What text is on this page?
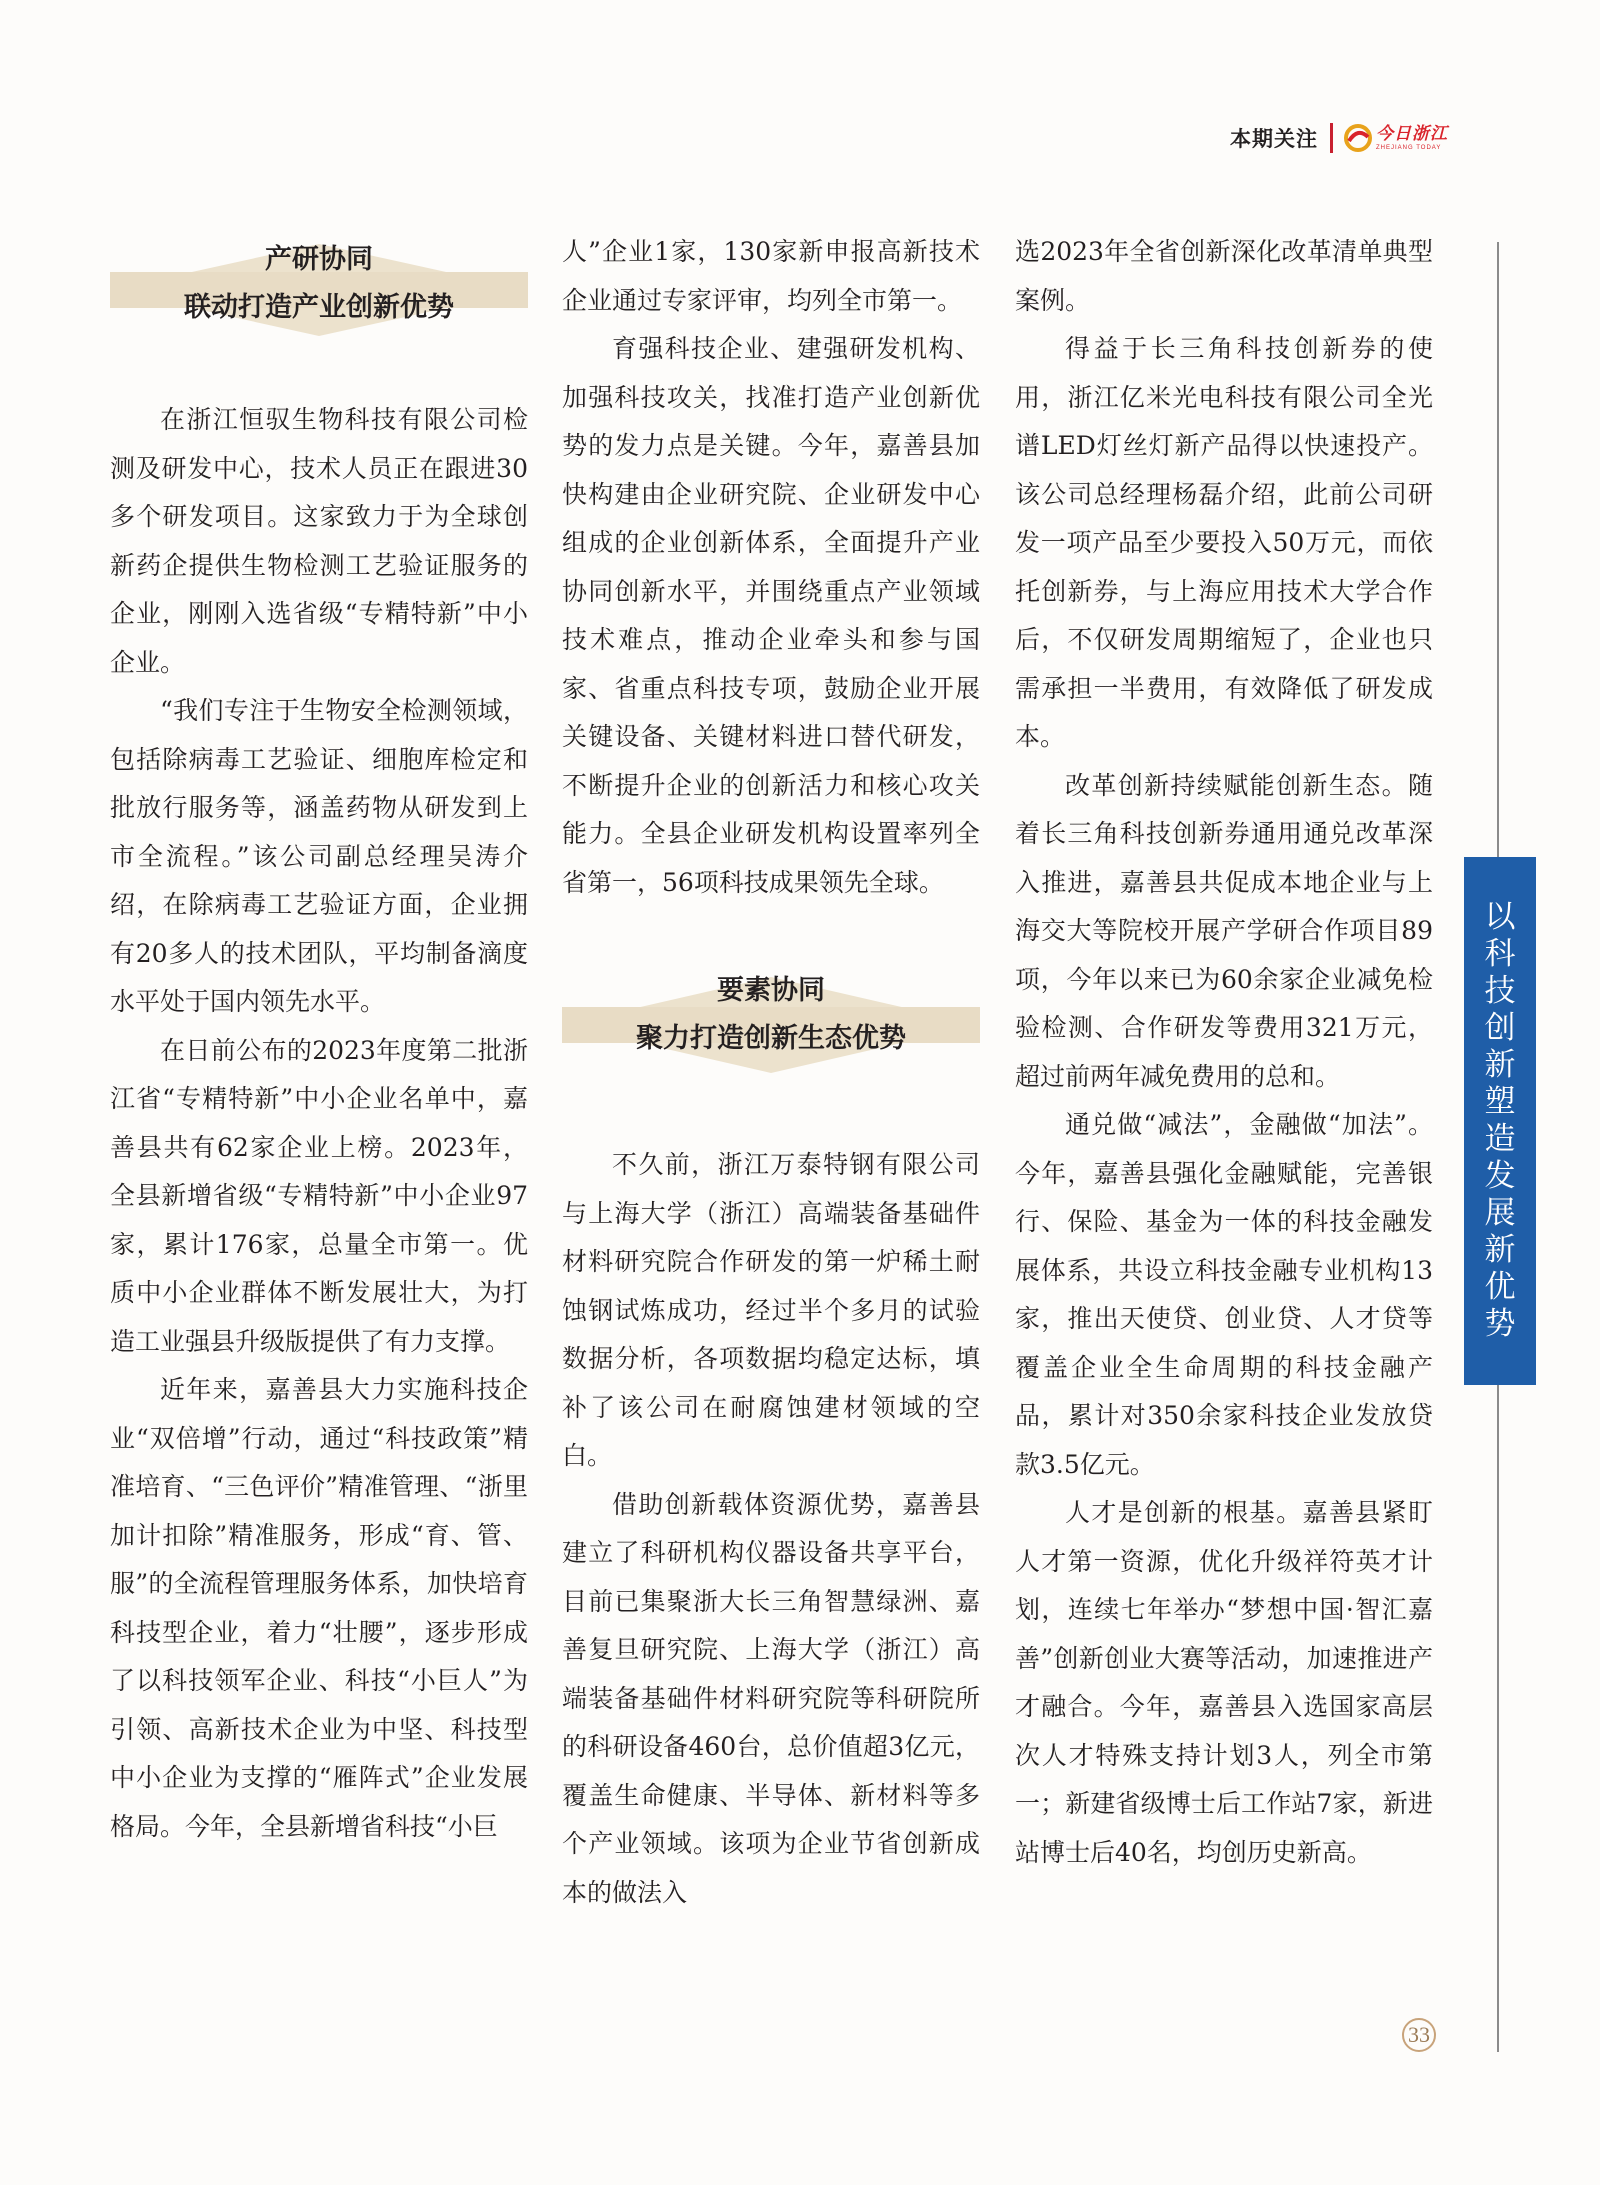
本期关注	今日浙江
ZHEJIANG TODAY
产研协同
联动打造产业创新优势

在浙江恒驭生物科技有限公司检测及研发中心，技术人员正在跟进30多个研发项目。这家致力于为全球创新药企提供生物检测工艺验证服务的企业，刚刚入选省级“专精特新”中小企业。

“我们专注于生物安全检测领域，包括除病毒工艺验证、细胞库检定和批放行服务等，涵盖药物从研发到上市全流程。”该公司副总经理吴涛介绍，在除病毒工艺验证方面，企业拥有20多人的技术团队，平均制备滴度水平处于国内领先水平。

在日前公布的2023年度第二批浙江省“专精特新”中小企业名单中，嘉善县共有62家企业上榜。2023年，全县新增省级“专精特新”中小企业97家，累计176家，总量全市第一。优质中小企业群体不断发展壮大，为打造工业强县升级版提供了有力支撑。

近年来，嘉善县大力实施科技企业“双倍增”行动，通过“科技政策”精准培育、“三色评价”精准管理、“浙里加计扣除”精准服务，形成“育、管、服”的全流程管理服务体系，加快培育科技型企业，着力“壮腰”，逐步形成了以科技领军企业、科技“小巨人”为引领、高新技术企业为中坚、科技型中小企业为支撑的“雁阵式”企业发展格局。今年，全县新增省科技“小巨

人”企业1家，130家新申报高新技术企业通过专家评审，均列全市第一。

育强科技企业、建强研发机构、加强科技攻关，找准打造产业创新优势的发力点是关键。今年，嘉善县加快构建由企业研究院、企业研发中心组成的企业创新体系，全面提升产业协同创新水平，并围绕重点产业领域技术难点，推动企业牵头和参与国家、省重点科技专项，鼓励企业开展关键设备、关键材料进口替代研发，不断提升企业的创新活力和核心攻关能力。全县企业研发机构设置率列全省第一，56项科技成果领先全球。

要素协同
聚力打造创新生态优势

不久前，浙江万泰特钢有限公司与上海大学（浙江）高端装备基础件材料研究院合作研发的第一炉稀土耐蚀钢试炼成功，经过半个多月的试验数据分析，各项数据均稳定达标，填补了该公司在耐腐蚀建材领域的空白。

借助创新载体资源优势，嘉善县建立了科研机构仪器设备共享平台，目前已集聚浙大长三角智慧绿洲、嘉善复旦研究院、上海大学（浙江）高端装备基础件材料研究院等科研院所的科研设备460台，总价值超3亿元，覆盖生命健康、半导体、新材料等多个产业领域。该项为企业节省创新成本的做法入

选2023年全省创新深化改革清单典型案例。

得益于长三角科技创新券的使用，浙江亿米光电科技有限公司全光谱LED灯丝灯新产品得以快速投产。该公司总经理杨磊介绍，此前公司研发一项产品至少要投入50万元，而依托创新券，与上海应用技术大学合作后，不仅研发周期缩短了，企业也只需承担一半费用，有效降低了研发成本。

改革创新持续赋能创新生态。随着长三角科技创新券通用通兑改革深入推进，嘉善县共促成本地企业与上海交大等院校开展产学研合作项目89项，今年以来已为60余家企业减免检验检测、合作研发等费用321万元，超过前两年减免费用的总和。

通兑做“减法”，金融做“加法”。今年，嘉善县强化金融赋能，完善银行、保险、基金为一体的科技金融发展体系，共设立科技金融专业机构13家，推出天使贷、创业贷、人才贷等覆盖企业全生命周期的科技金融产品，累计对350余家科技企业发放贷款3.5亿元。

人才是创新的根基。嘉善县紧盯人才第一资源，优化升级祥符英才计划，连续七年举办“梦想中国·智汇嘉善”创新创业大赛等活动，加速推进产才融合。今年，嘉善县入选国家高层次人才特殊支持计划3人，列全市第一；新建省级博士后工作站7家，新进站博士后40名，均创历史新高。

以科技创新塑造发展新优势
33
